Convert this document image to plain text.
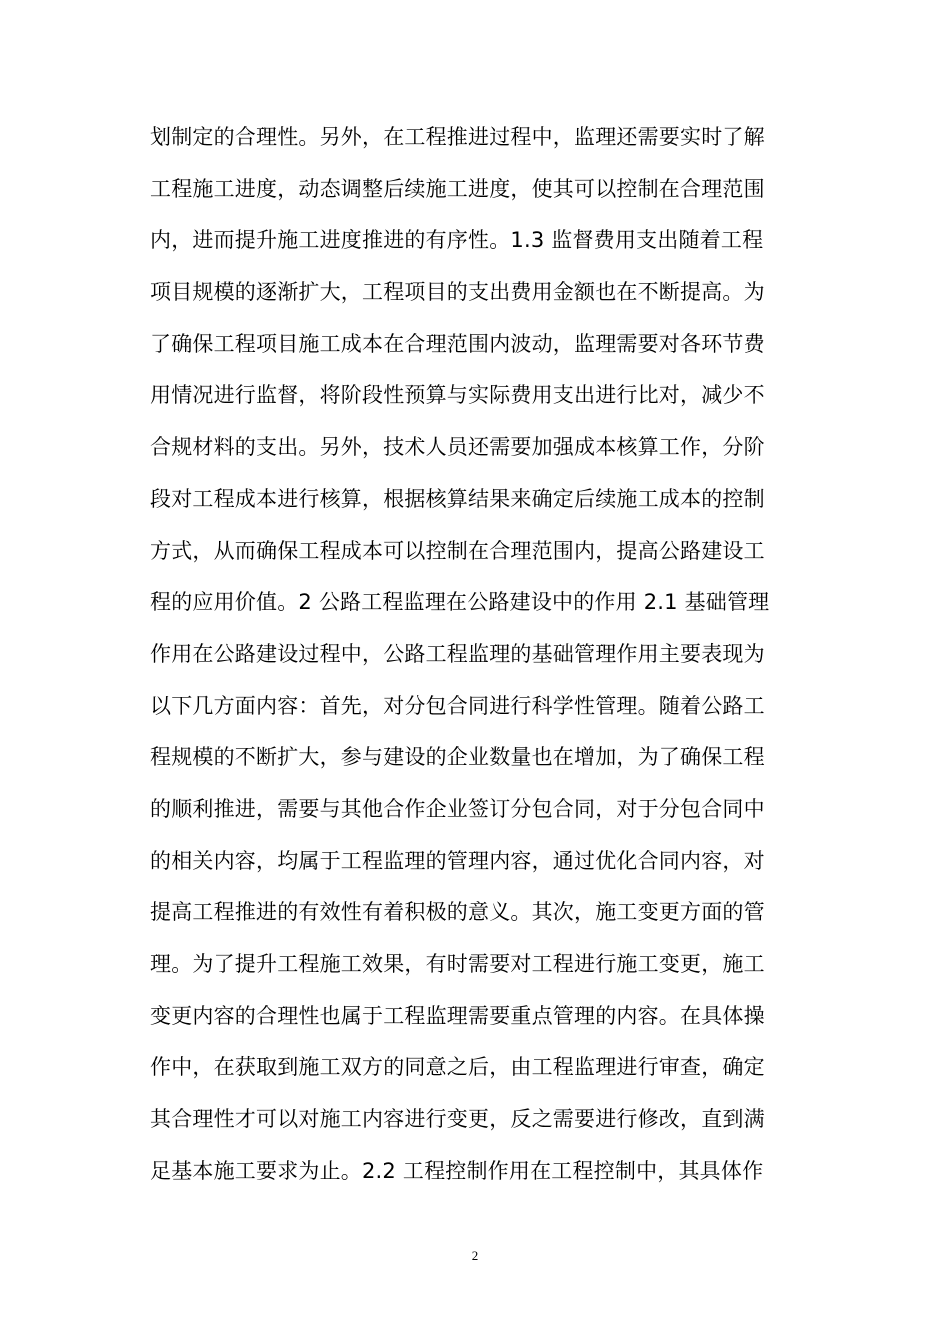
划制定的合理性。另外，在工程推进过程中，监理还需要实时了解
工程施工进度，动态调整后续施工进度，使其可以控制在合理范围
内，进而提升施工进度推进的有序性。1.3 监督费用支出随着工程
项目规模的逐渐扩大，工程项目的支出费用金额也在不断提高。为
了确保工程项目施工成本在合理范围内波动，监理需要对各环节费
用情况进行监督，将阶段性预算与实际费用支出进行比对，减少不
合规材料的支出。另外，技术人员还需要加强成本核算工作，分阶
段对工程成本进行核算，根据核算结果来确定后续施工成本的控制
方式，从而确保工程成本可以控制在合理范围内，提高公路建设工
程的应用价值。2 公路工程监理在公路建设中的作用 2.1 基础管理
作用在公路建设过程中，公路工程监理的基础管理作用主要表现为
以下几方面内容：首先，对分包合同进行科学性管理。随着公路工
程规模的不断扩大，参与建设的企业数量也在增加，为了确保工程
的顺利推进，需要与其他合作企业签订分包合同，对于分包合同中
的相关内容，均属于工程监理的管理内容，通过优化合同内容，对
提高工程推进的有效性有着积极的意义。其次，施工变更方面的管
理。为了提升工程施工效果，有时需要对工程进行施工变更，施工
变更内容的合理性也属于工程监理需要重点管理的内容。在具体操
作中，在获取到施工双方的同意之后，由工程监理进行审查，确定
其合理性才可以对施工内容进行变更，反之需要进行修改，直到满
足基本施工要求为止。2.2 工程控制作用在工程控制中，其具体作
2
